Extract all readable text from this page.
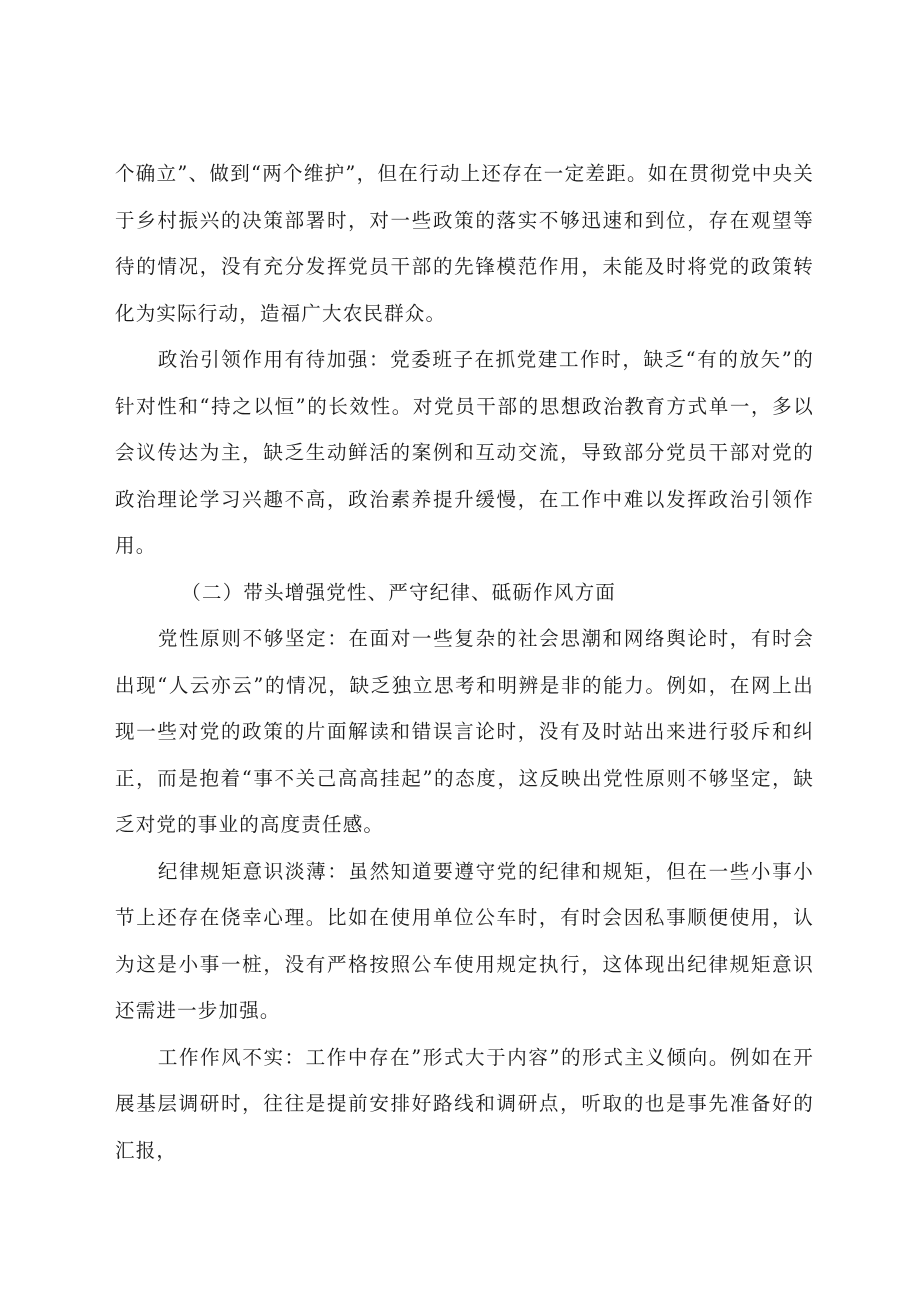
个确立”、做到“两个维护”，但在行动上还存在一定差距。如在贯彻党中央关于乡村振兴的决策部署时，对一些政策的落实不够迅速和到位，存在观望等待的情况，没有充分发挥党员干部的先锋模范作用，未能及时将党的政策转化为实际行动，造福广大农民群众。

政治引领作用有待加强：党委班子在抓党建工作时，缺乏“有的放矢”的针对性和“持之以恒”的长效性。对党员干部的思想政治教育方式单一，多以会议传达为主，缺乏生动鲜活的案例和互动交流，导致部分党员干部对党的政治理论学习兴趣不高，政治素养提升缓慢，在工作中难以发挥政治引领作用。

（二）带头增强党性、严守纪律、砥砺作风方面

党性原则不够坚定：在面对一些复杂的社会思潮和网络舆论时，有时会出现“人云亦云”的情况，缺乏独立思考和明辨是非的能力。例如，在网上出现一些对党的政策的片面解读和错误言论时，没有及时站出来进行驳斥和纠正，而是抱着“事不关己高高挂起”的态度，这反映出党性原则不够坚定，缺乏对党的事业的高度责任感。

纪律规矩意识淡薄：虽然知道要遵守党的纪律和规矩，但在一些小事小节上还存在侥幸心理。比如在使用单位公车时，有时会因私事顺便使用，认为这是小事一桩，没有严格按照公车使用规定执行，这体现出纪律规矩意识还需进一步加强。

工作作风不实：工作中存在”形式大于内容”的形式主义倾向。例如在开展基层调研时，往往是提前安排好路线和调研点，听取的也是事先准备好的汇报，
